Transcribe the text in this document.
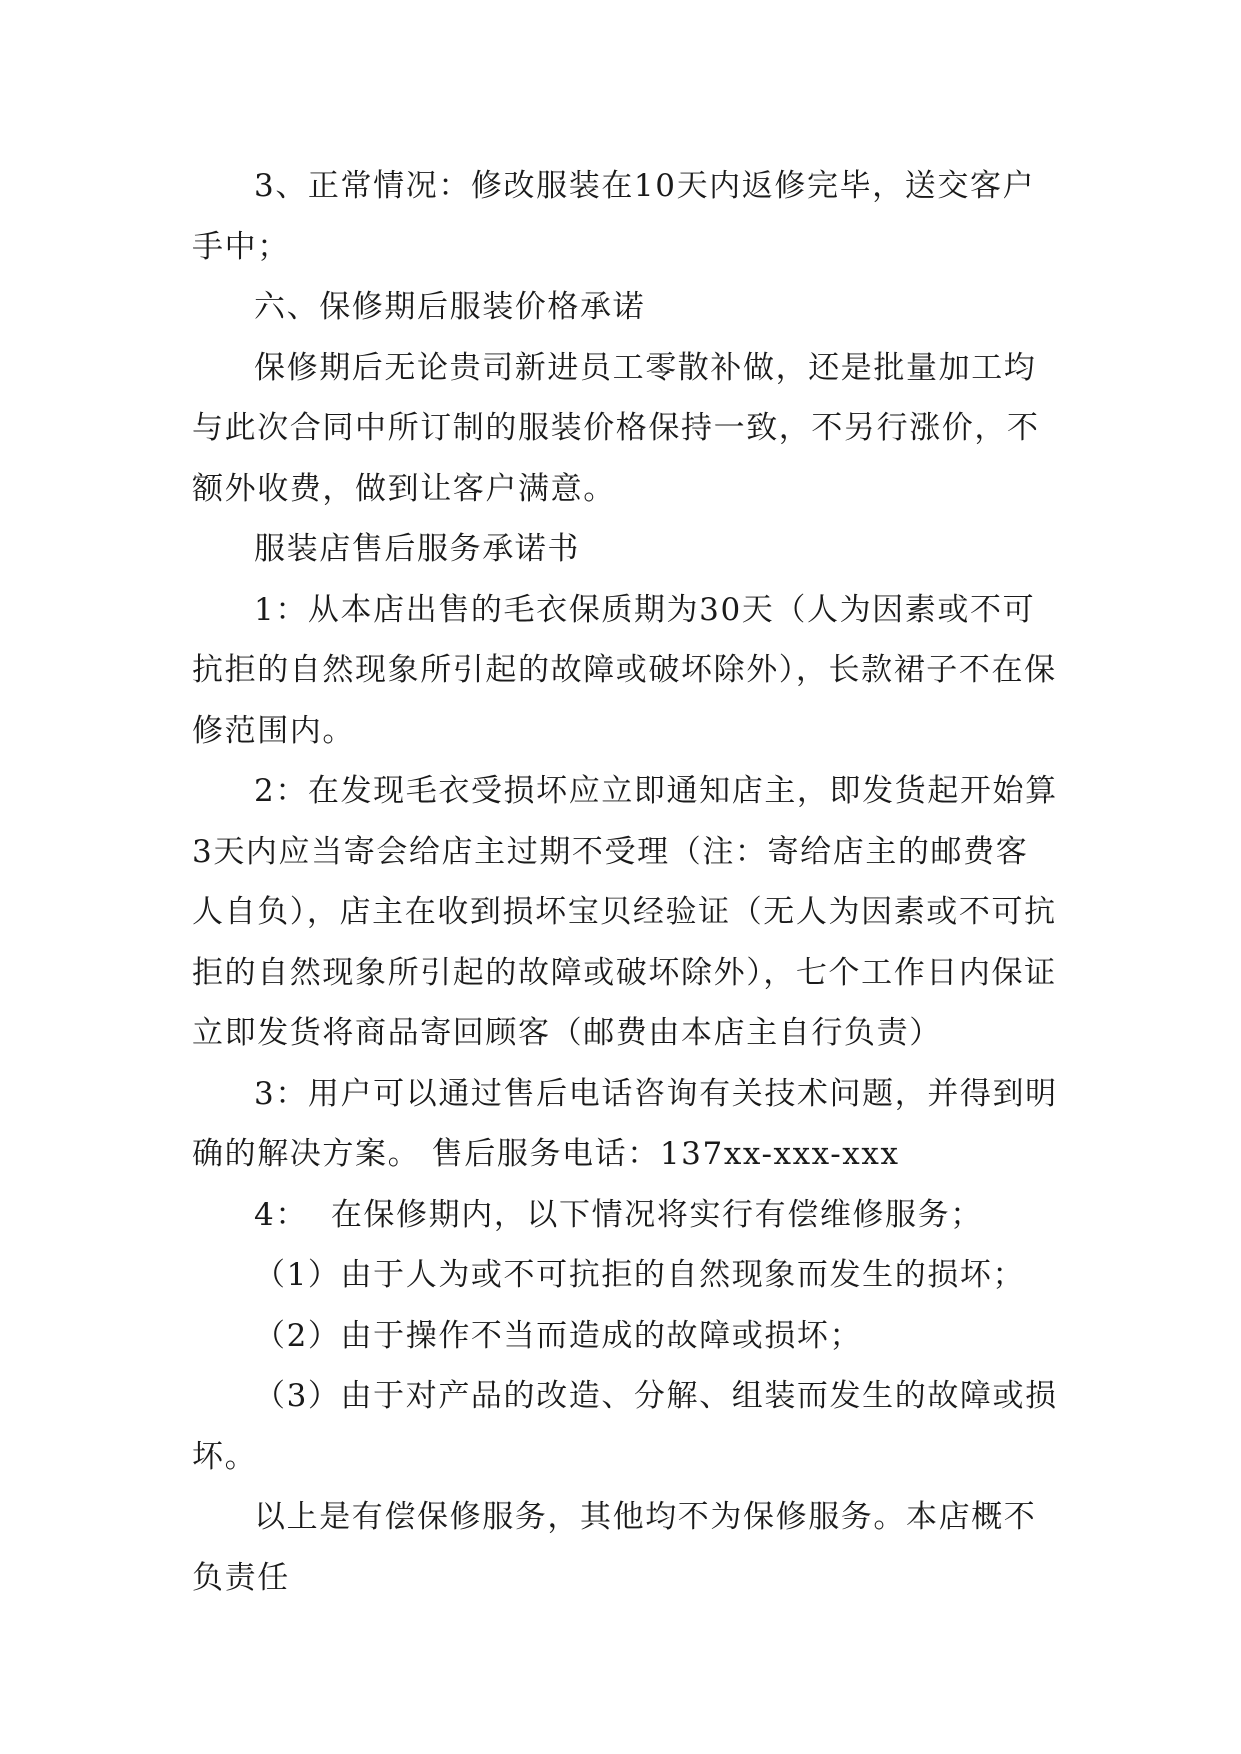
3、正常情况：修改服装在10天内返修完毕，送交客户手中；

六、保修期后服装价格承诺

保修期后无论贵司新进员工零散补做，还是批量加工均与此次合同中所订制的服装价格保持一致，不另行涨价，不额外收费，做到让客户满意。

服装店售后服务承诺书

1：从本店出售的毛衣保质期为30天（人为因素或不可抗拒的自然现象所引起的故障或破坏除外），长款裙子不在保修范围内。

2：在发现毛衣受损坏应立即通知店主，即发货起开始算3天内应当寄会给店主过期不受理（注：寄给店主的邮费客人自负），店主在收到损坏宝贝经验证（无人为因素或不可抗拒的自然现象所引起的故障或破坏除外），七个工作日内保证立即发货将商品寄回顾客（邮费由本店主自行负责）

3：用户可以通过售后电话咨询有关技术问题，并得到明确的解决方案。 售后服务电话：137xx-xxx-xxx

4：  在保修期内，以下情况将实行有偿维修服务；

（1）由于人为或不可抗拒的自然现象而发生的损坏；

（2）由于操作不当而造成的故障或损坏；

（3）由于对产品的改造、分解、组装而发生的故障或损坏。

以上是有偿保修服务，其他均不为保修服务。本店概不负责任
